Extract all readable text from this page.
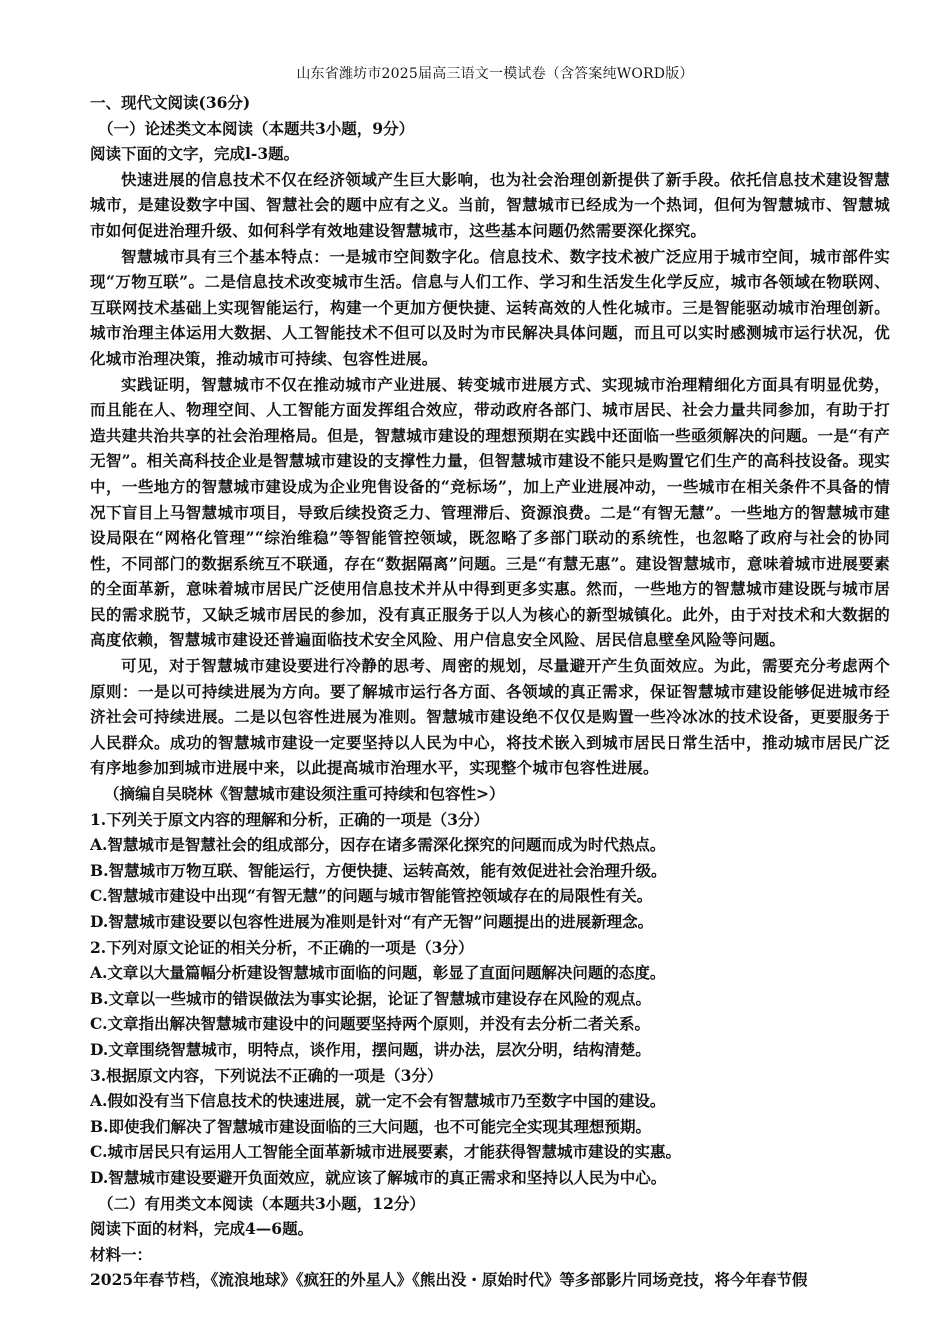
山东省潍坊市2025届高三语文一模试卷（含答案纯WORD版）

一、现代文阅读(36分)

（一）论述类文本阅读（本题共3小题，9分）

阅读下面的文字，完成l-3题。

快速进展的信息技术不仅在经济领域产生巨大影响，也为社会治理创新提供了新手段。依托信息技术建设智慧城市，是建设数字中国、智慧社会的题中应有之义。当前，智慧城市已经成为一个热词，但何为智慧城市、智慧城市如何促进治理升级、如何科学有效地建设智慧城市，这些基本问题仍然需要深化探究。

智慧城市具有三个基本特点：一是城市空间数字化。信息技术、数字技术被广泛应用于城市空间，城市部件实现“万物互联”。二是信息技术改变城市生活。信息与人们工作、学习和生活发生化学反应，城市各领域在物联网、互联网技术基础上实现智能运行，构建一个更加方便快捷、运转高效的人性化城市。三是智能驱动城市治理创新。城市治理主体运用大数据、人工智能技术不但可以及时为市民解决具体问题，而且可以实时感测城市运行状况，优化城市治理决策，推动城市可持续、包容性进展。

实践证明，智慧城市不仅在推动城市产业进展、转变城市进展方式、实现城市治理精细化方面具有明显优势，而且能在人、物理空间、人工智能方面发挥组合效应，带动政府各部门、城市居民、社会力量共同参加，有助于打造共建共治共享的社会治理格局。但是，智慧城市建设的理想预期在实践中还面临一些亟须解决的问题。一是“有产无智”。相关高科技企业是智慧城市建设的支撑性力量，但智慧城市建设不能只是购置它们生产的高科技设备。现实中，一些地方的智慧城市建设成为企业兜售设备的“竞标场”，加上产业进展冲动，一些城市在相关条件不具备的情况下盲目上马智慧城市项目，导致后续投资乏力、管理滞后、资源浪费。二是“有智无慧”。一些地方的智慧城市建设局限在“网格化管理”“综治维稳”等智能管控领域，既忽略了多部门联动的系统性，也忽略了政府与社会的协同性，不同部门的数据系统互不联通，存在“数据隔离”问题。三是“有慧无惠”。建设智慧城市，意味着城市进展要素的全面革新，意味着城市居民广泛使用信息技术并从中得到更多实惠。然而，一些地方的智慧城市建设既与城市居民的需求脱节，又缺乏城市居民的参加，没有真正服务于以人为核心的新型城镇化。此外，由于对技术和大数据的高度依赖，智慧城市建设还普遍面临技术安全风险、用户信息安全风险、居民信息壁垒风险等问题。

可见，对于智慧城市建设要进行冷静的思考、周密的规划，尽量避开产生负面效应。为此，需要充分考虑两个原则：一是以可持续进展为方向。要了解城市运行各方面、各领域的真正需求，保证智慧城市建设能够促进城市经济社会可持续进展。二是以包容性进展为准则。智慧城市建设绝不仅仅是购置一些冷冰冰的技术设备，更要服务于人民群众。成功的智慧城市建设一定要坚持以人民为中心，将技术嵌入到城市居民日常生活中，推动城市居民广泛有序地参加到城市进展中来，以此提高城市治理水平，实现整个城市包容性进展。

（摘编自吴晓林《智慧城市建设须注重可持续和包容性>）

1.下列关于原文内容的理解和分析，正确的一项是（3分）

A.智慧城市是智慧社会的组成部分，因存在诸多需深化探究的问题而成为时代热点。

B.智慧城市万物互联、智能运行，方便快捷、运转高效，能有效促进社会治理升级。

C.智慧城市建设中出现“有智无慧”的问题与城市智能管控领域存在的局限性有关。

D.智慧城市建设要以包容性进展为准则是针对“有产无智”问题提出的进展新理念。

2.下列对原文论证的相关分析，不正确的一项是（3分）

A.文章以大量篇幅分析建设智慧城市面临的问题，彰显了直面问题解决问题的态度。

B.文章以一些城市的错误做法为事实论据，论证了智慧城市建设存在风险的观点。

C.文章指出解决智慧城市建设中的问题要坚持两个原则，并没有去分析二者关系。

D.文章围绕智慧城市，明特点，谈作用，摆问题，讲办法，层次分明，结构清楚。

3.根据原文内容，下列说法不正确的一项是（3分）

A.假如没有当下信息技术的快速进展，就一定不会有智慧城市乃至数字中国的建设。

B.即使我们解决了智慧城市建设面临的三大问题，也不可能完全实现其理想预期。

C.城市居民只有运用人工智能全面革新城市进展要素，才能获得智慧城市建设的实惠。

D.智慧城市建设要避开负面效应，就应该了解城市的真正需求和坚持以人民为中心。

（二）有用类文本阅读（本题共3小题，12分）

阅读下面的材料，完成4—6题。

材料一：

2025年春节档，《流浪地球》《疯狂的外星人》《熊出没・原始时代》等多部影片同场竞技，将今年春节假
